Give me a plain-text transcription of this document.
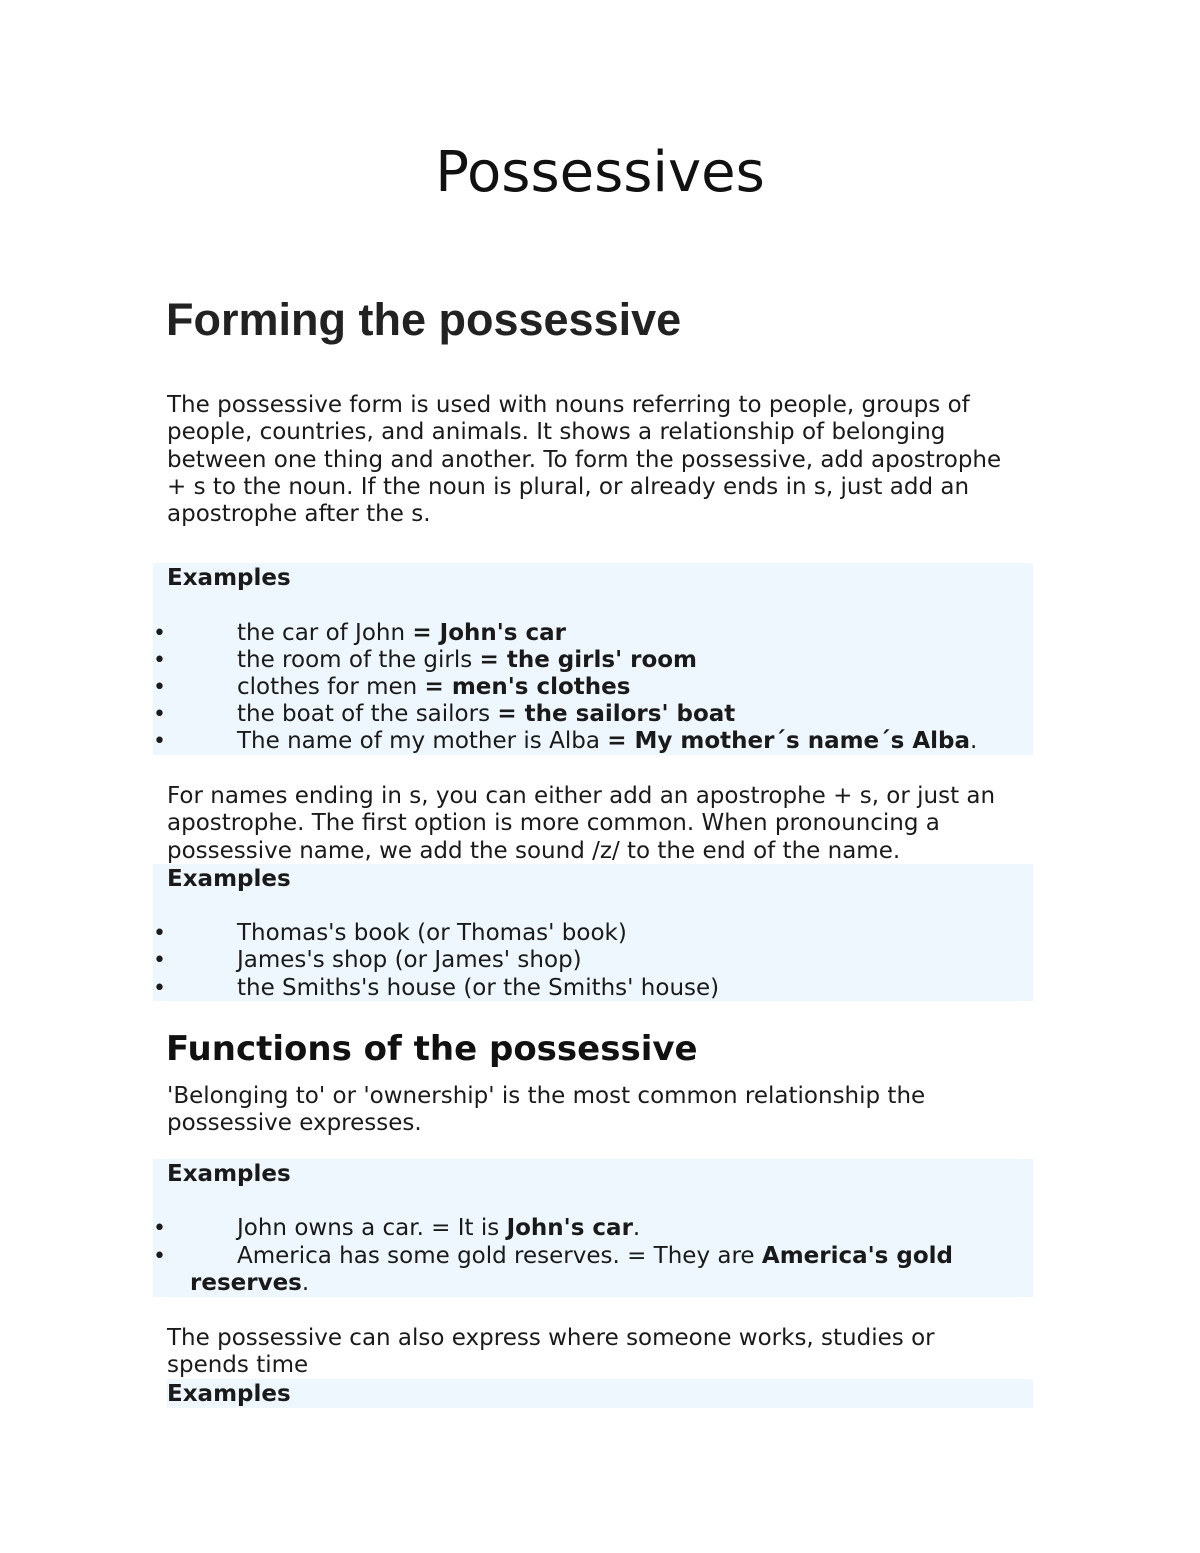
Possessives
Forming the possessive
The possessive form is used with nouns referring to people, groups of
people, countries, and animals. It shows a relationship of belonging
between one thing and another. To form the possessive, add apostrophe
+ s to the noun. If the noun is plural, or already ends in s, just add an
apostrophe after the s.
Examples
•	the car of John = John's car
•	the room of the girls = the girls' room
•	clothes for men = men's clothes
•	the boat of the sailors = the sailors' boat
•	The name of my mother is Alba = My mother´s name´s Alba.
For names ending in s, you can either add an apostrophe + s, or just an
apostrophe. The first option is more common. When pronouncing a
possessive name, we add the sound /z/ to the end of the name.
Examples
•	Thomas's book (or Thomas' book)
•	James's shop (or James' shop)
•	the Smiths's house (or the Smiths' house)
Functions of the possessive
'Belonging to' or 'ownership' is the most common relationship the
possessive expresses.
Examples
•	John owns a car. = It is John's car.
•	America has some gold reserves. = They are America's gold
reserves.
The possessive can also express where someone works, studies or
spends time
Examples
